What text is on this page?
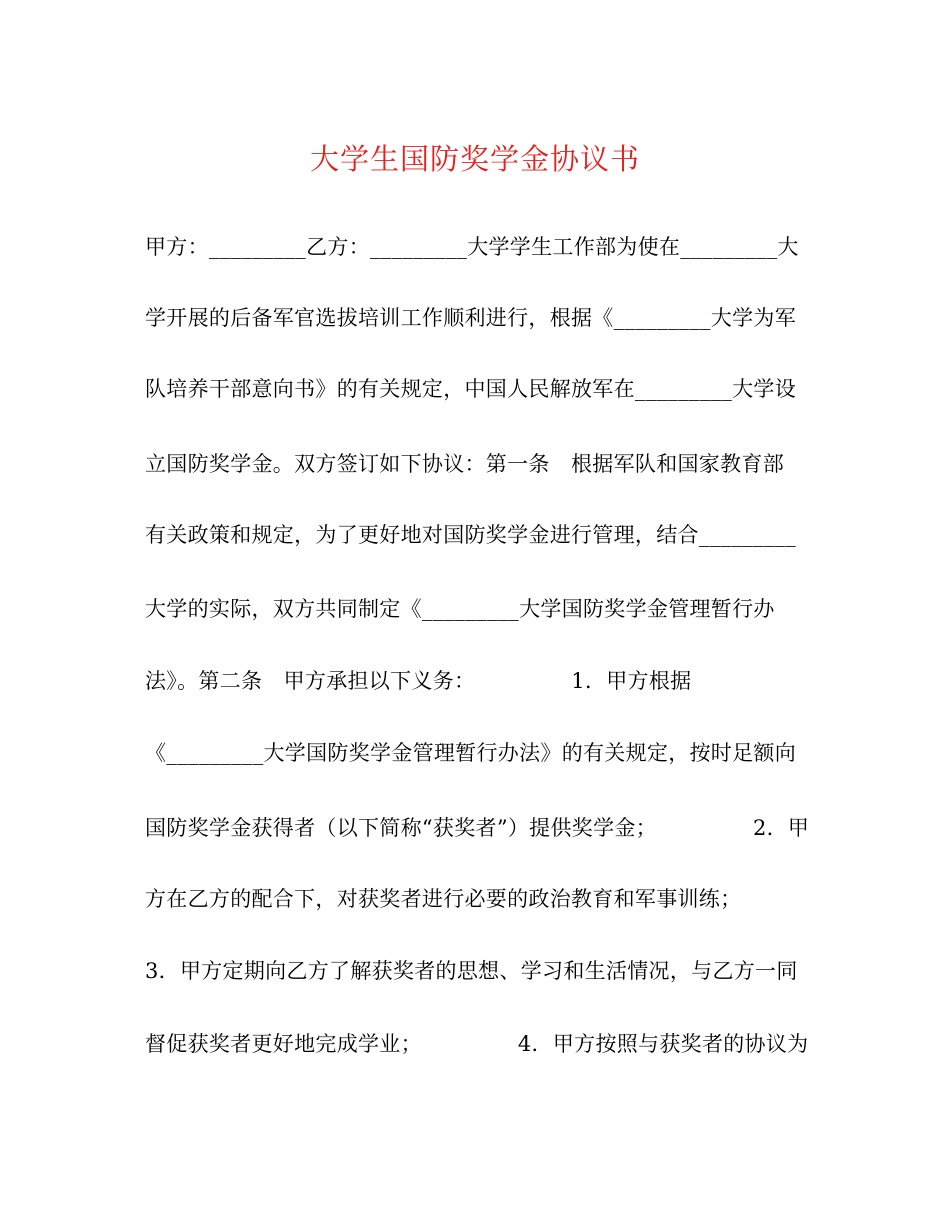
大学生国防奖学金协议书
甲方：_________乙方：_________大学学生工作部为使在_________大
学开展的后备军官选拔培训工作顺利进行，根据《_________大学为军
队培养干部意向书》的有关规定，中国人民解放军在_________大学设
立国防奖学金。双方签订如下协议：第一条　根据军队和国家教育部
有关政策和规定，为了更好地对国防奖学金进行管理，结合_________
大学的实际，双方共同制定《_________大学国防奖学金管理暂行办
法》。第二条　甲方承担以下义务：　　　　　1．甲方根据
《_________大学国防奖学金管理暂行办法》的有关规定，按时足额向
国防奖学金获得者（以下简称“获奖者”）提供奖学金；　　　　　2．甲
方在乙方的配合下，对获奖者进行必要的政治教育和军事训练；
3．甲方定期向乙方了解获奖者的思想、学习和生活情况，与乙方一同
督促获奖者更好地完成学业；　　　　　4．甲方按照与获奖者的协议为
